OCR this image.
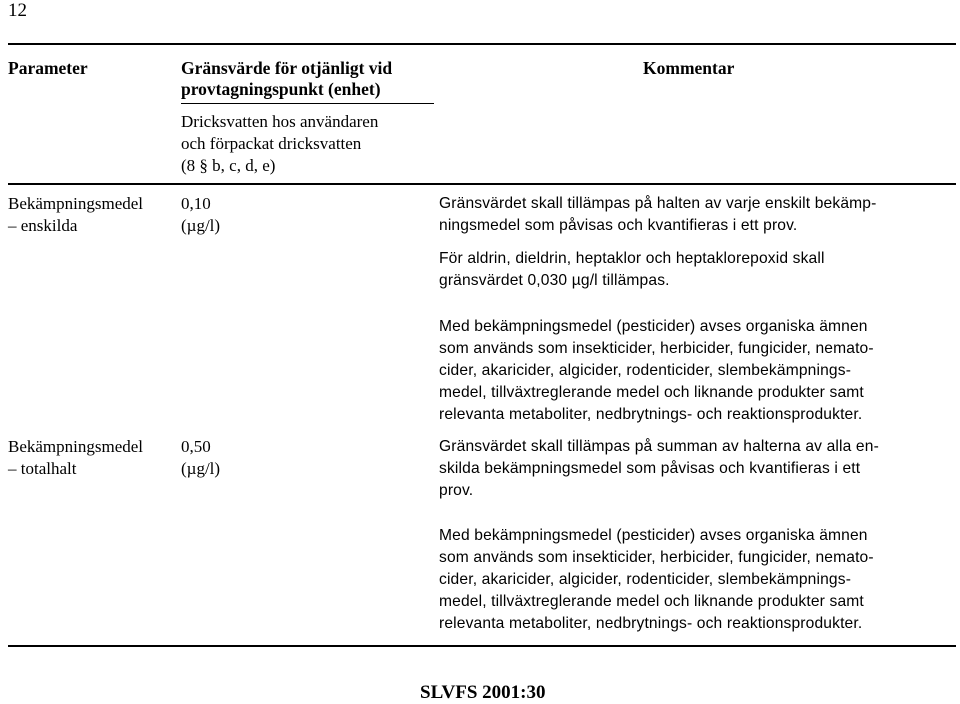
12
Parameter	Gränsvärde för otjänligt vid

provtagningspunkt (enhet)

Kommentar

Dricksvatten hos användaren

och förpackat dricksvatten

(8 § b, c, d, e)

Bekämpningsmedel

– enskilda

0,10

(µg/l)

Gränsvärdet skall tillämpas på halten av varje enskilt bekämp-

ningsmedel som påvisas och kvantifieras i ett prov.

För aldrin, dieldrin, heptaklor och heptaklorepoxid skall

gränsvärdet 0,030 µg/l tillämpas.

Med bekämpningsmedel (pesticider) avses organiska ämnen

som används som insekticider, herbicider, fungicider, nemato-

cider, akaricider, algicider, rodenticider, slembekämpnings-

medel, tillväxtreglerande medel och liknande produkter samt

relevanta metaboliter, nedbrytnings- och reaktionsprodukter.

Bekämpningsmedel

– totalhalt

0,50

(µg/l)

Gränsvärdet skall tillämpas på summan av halterna av alla en-

skilda bekämpningsmedel som påvisas och kvantifieras i ett

prov.

Med bekämpningsmedel (pesticider) avses organiska ämnen

som används som insekticider, herbicider, fungicider, nemato-

cider, akaricider, algicider, rodenticider, slembekämpnings-

medel, tillväxtreglerande medel och liknande produkter samt

relevanta metaboliter, nedbrytnings- och reaktionsprodukter.

SLVFS 2001:30
